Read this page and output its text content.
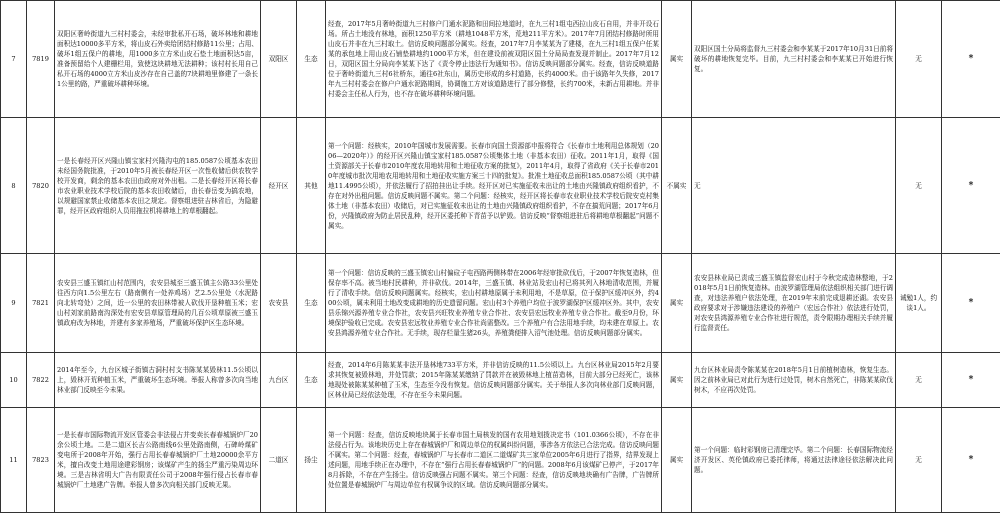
7	7819	双阳区奢岭街道九三村村委会，未经审批私开石场，破坏林地和耕地面积达10000多平方米，将山皮石外卖给团结村修路11公里；占用、破坏1组五保户的耕地，用1000多立方米山皮石垫土地面积达5亩，准备预留给个人建栅栏用，致使这块耕地无法耕种；该村村长用自己私开石场的4000立方米山皮沙存在自己盖的7块耕地里修建了一条长1公里的路，严重破坏耕种环境。	双阳区	生态	经查，2017年5月奢岭街道九三村修户门通水泥路和田间拉地道时，在九三村1组屯西拉山皮石自用，并非开设石场。所占土地没有林地，面积1250平方米（耕地1048平方米，荒地211平方米）。2017年7月团结村修路时所用山皮石并非在九三村取土。信访反映问题部分属实。经查，2017年7月李某某为了建楼，在九三村1组五保户任某某的承包地上用山皮石铺垫耕地约1000平方米，但在建设前被双阳区国土分局局查发现并制止。2017年7月12日，双阳区国土分局向李某某下达了《责令停止违法行为通知书》。信访反映问题部分属实。经查，信访反映道路位于奢岭街道九三村6社桥东，通往6社东山，属历史形成的乡村道路，长约4000米。由于该路年久失修，2017年九三村村委会在修户户通水泥路期间，协调施工方对该道路进行了部分修整，长约700米，未新占用耕地。并非村委会主任私人行为，也不存在破坏耕种环境问题。	属实	双阳区国土分局将监督九三村委会和李某某于2017年10月31日前将破坏的耕地恢复完毕。目前，九三村村委会和李某某已开始进行恢复。	无	*
8	7820	一是长春经开区兴隆山镇宝家村兴隆沟屯的185.0587公顷基本农田未经国务院批准，于2010年5月被长春经开区一次性收储后供农牧学校开发商，剩余的基本农田由政府对外出租。二是长春经开区将长春市农业职业技术学校后院的基本农田收储后，由长春岳变为搞农地，以规避国家禁止收储基本农田之规定。督察组进驻吉林省后，为隐避罪，经开区政府组织人员用拖拉机将耕地上的草根翻起。	经开区	其他	第一个问题：经核实，2010年国城市发展需要。长春市向国土资源部申报将符合《长春市土地利用总体规划（2006—2020年）》的经开区兴隆山镇宝家村185.0587公顷集体土地（非基本农田）征收。2011年1月，取得《国土资源部关于长春市2010年度农用地转用和土地征收方案的批复》，2011年4月，取得了省政府《关于长春市2010年度城市批次用地农用地转用和土地征收实施方案三十四的批复》。批准土地征收总面积185.0587公顷（其中耕地11.4995公顷），并依法履行了招拍挂出让手续。经开区对已实施征收未出让的土地由兴隆镇政府组织看护，不存在对外出租问题。信访反映问题不属实。第二个问题：经核实，经开区将长春市农业职业技术学校后院安克村集体土地（非基本农田）收储后，对已实施征收未出让的土地由兴隆镇政府组织看护，不存在搞荒问题；2017年6月份，兴隆镇政府为防止居民乱种，经开区委托种下青苗予以铲毁。信访反映“督察组进驻后将耕地草根翻起”问题不属实。	不属实	无	无	*
9	7821	农安县三盛玉镇红山村范围内，农安县城至三盛玉镇主公路33公里处往西方向1.5公里左右（路南侧有一处养鸡场）艺2.5公里处（水泥路向北转弯处）之间，近一公里的农田林带被人砍伐开垦种植玉米；宏山村刘家前路南沟深处有宏安县草原管理局的几百公顷草原被三盛玉镇政府改为林地，并建有多家养殖场，严重破坏保护区生态环境。	农安县	生态	第一个问题：信访反映的三盛玉镇宏山村偏砬子屯西路两侧林带在2006年经审批砍伐后，于2007年恢复造林，但保存率不高。被当地村民耕种，并非砍伐。2014年，三盛玉镇、林业站及宏山村已将其列入林地清收范围，并履行了清收手续。信访反映问题属实。经核实，宏山村耕地原属于未利用地，不是草原，位于保护区缓冲区外，约400公顷，属未利用土地改变成耕地的历史遗留问题。宏山村3个养殖户均位于波罗湖保护区缓冲区外。其中，农安县乐锦兴源养殖专业合作社，农安县兴旺牧业养殖专业合作社、农安县宏远牧业养殖专业合作社。截至9月份，环境保护验收已完成。农安县宏远牧业养殖专业合作社尚需整改。三个养殖户有合法用地手续，均未建在草原上。农安县鸿源养殖专业合作社。无手续，现存栏量生猪26头，养殖粪便排入沼气池处理。信访反映问题部分属实。	属实	农安县林业局已责成三盛玉镇监督宏山村于今秋完成造林整地，于2018年5月1日前恢复造林。由波罗湖管理局依法组织相关部门进行调查，对违法养殖户依法处理，在2019年末前完成退耕还湖。农安县政府要求对于涉嫌违法建设的养殖户（宏远合作社）依法进行处罚，对农安县鸿源养殖专业合作社进行规范，责令限期办理相关手续并履行监督责任。	诫勉1人，约谈1人。	*
10	7822	2014年至今，九台区城子街镇古洞村村支书陈某某毁林11.5公顷以上，毁林开荒种植玉米，严重破坏生态环境。举报人称曾多次向当地林业部门反映至今未果。	九台区	生态	经查，2014年6月陈某某非法开垦林地733平方米，并非信访反映的11.5公顷以上。九台区林业局2015年2月要求其恢复被毁林地，并处罚款；2015年陈某某缴纳了罚款并在被毁林地上植苗造林，目前大部分已经死亡，该林地现处被陈某某种植了玉米，生态至今没有恢复。信访反映问题部分属实。关于举报人多次向林业部门反映问题，区林业局已经依法处理，不存在至今未果问题。	属实	九台区林业局责令陈某某在2018年5月1日前植树造林，恢复生态。因之前林业局已对此行为进行过处罚，树木自然死亡，非陈某某砍伐树木，不应再次处罚。	无	*
11	7823	一是长春市国际物流开发区管委会非法侵占并变卖长春春城锅炉厂20余公顷土地。二是二道区长吉公路南线6公里处路南侧，石碑岭煤矿变电所于2008年开始，强行占用长春春城锅炉厂土地20000余平方米，擅自改变土地用途建彩钢房；该煤矿产生的扬尘严重污染周边环境。三是吉林省明大广告有限责任公司于2008年强行侵占长春市春城锅炉厂土地建广告牌。举报人曾多次向相关部门反映无果。	二道区	扬尘	第一个问题：经查，信访反映地块属于长春市国土局核发的国有农用地划拨决定书（101.0366公顷），不存在非法侵占行为。该地块历史上存在春城锅炉厂和周边单位的权属纠纷问题，事涉各方依法已合法完成。信访反映问题不属实。第二个问题：经查，春城锅炉厂与长春市二道区二道煤矿共三家单位2005年6月进行了指界，结界发现上述问题，用地手续正在办理中，不存在“强行占用长春春城锅炉厂”的问题。2008年6月该煤矿已停产，于2017年8月拆除，不存在产生扬尘。信访反映强占问题不属实。第三个问题：经查，信访反映地块确有广告牌，广告牌所处位置是春城锅炉厂与周边单位有权属争议的区域。信访反映问题部分属实。	属实	第一个问题：临时彩钢房已清理完毕。第二个问题：长春国际物流经济开发区、英伦镇政府已委托律师，将通过法律途径依法解决此问题。	无	*
